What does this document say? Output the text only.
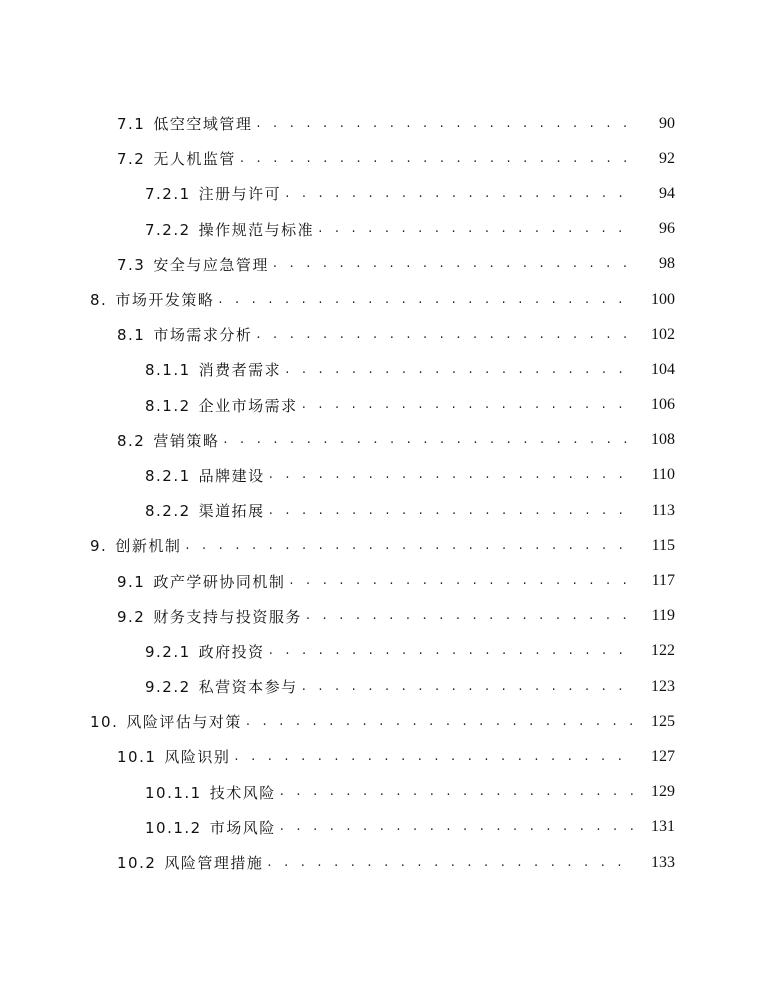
7.1 低空空域管理 . . .	90
7.2 无人机监管 . . .	92
7.2.1 注册与许可 . . .	94
7.2.2 操作规范与标准 . . .	96
7.3 安全与应急管理 . . .	98
8. 市场开发策略 . . .	100
8.1 市场需求分析 . . .	102
8.1.1 消费者需求 . . .	104
8.1.2 企业市场需求 . . .	106
8.2 营销策略 . . .	108
8.2.1 品牌建设 . . .	110
8.2.2 渠道拓展 . . .	113
9. 创新机制 . . .	115
9.1 政产学研协同机制 . . .	117
9.2 财务支持与投资服务 . . .	119
9.2.1 政府投资 . . .	122
9.2.2 私营资本参与 . . .	123
10. 风险评估与对策 . . .	125
10.1 风险识别 . . .	127
10.1.1 技术风险 . . .	129
10.1.2 市场风险 . . .	131
10.2 风险管理措施 . . .	133
